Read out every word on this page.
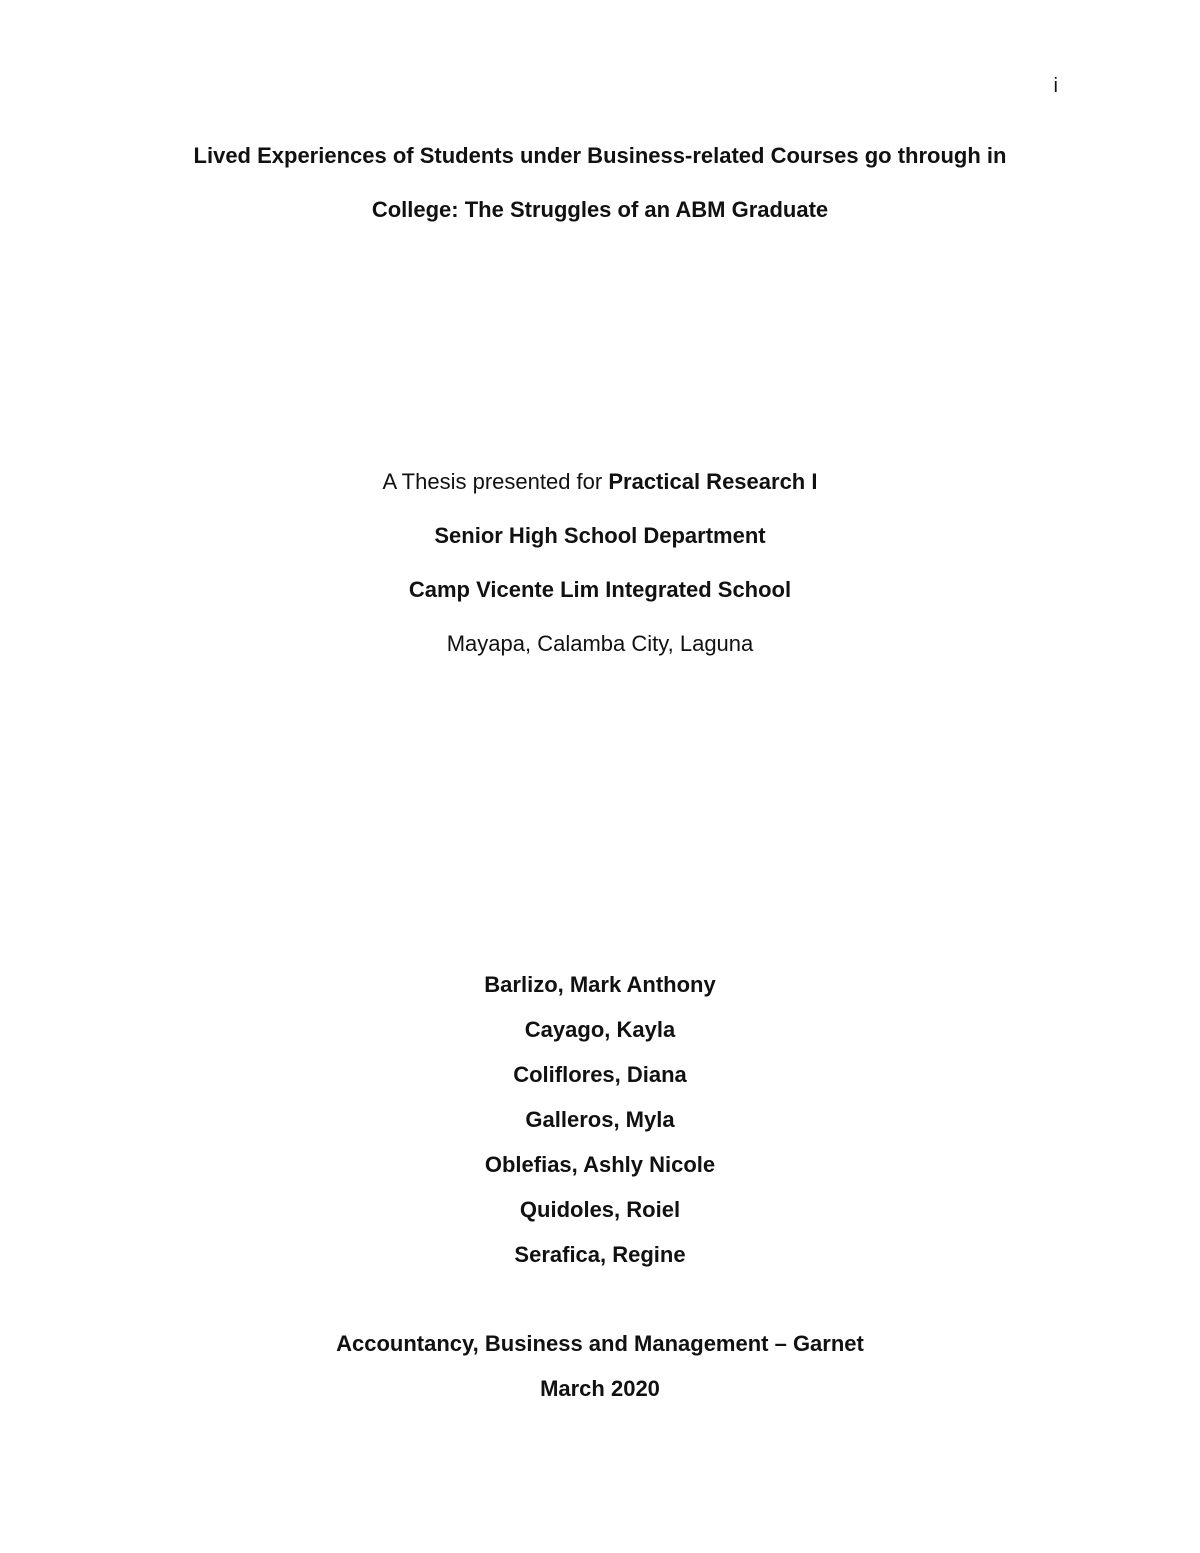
i
Lived Experiences of Students under Business-related Courses go through in
College: The Struggles of an ABM Graduate
A Thesis presented for Practical Research I
Senior High School Department
Camp Vicente Lim Integrated School
Mayapa, Calamba City, Laguna
Barlizo, Mark Anthony
Cayago, Kayla
Coliflores, Diana
Galleros, Myla
Oblefias, Ashly Nicole
Quidoles, Roiel
Serafica, Regine
Accountancy, Business and Management – Garnet
March 2020
